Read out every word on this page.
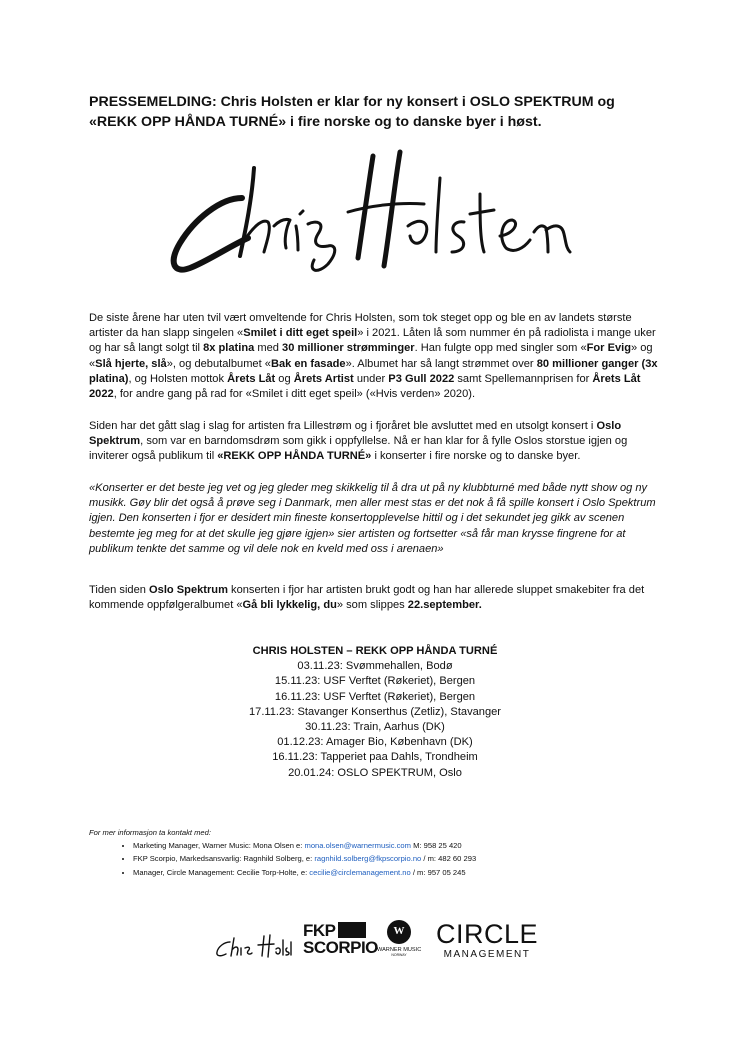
PRESSEMELDING: Chris Holsten er klar for ny konsert i OSLO SPEKTRUM og «REKK OPP HÅNDA TURNÉ» i fire norske og to danske byer i høst.

De siste årene har uten tvil vært omveltende for Chris Holsten, som tok steget opp og ble en av landets største artister da han slapp singelen «Smilet i ditt eget speil» i 2021. Låten lå som nummer én på radiolista i mange uker og har så langt solgt til 8x platina med 30 millioner strømminger. Han fulgte opp med singler som «For Evig» og «Slå hjerte, slå», og debutalbumet «Bak en fasade». Albumet har så langt strømmet over 80 millioner ganger (3x platina), og Holsten mottok Årets Låt og Årets Artist under P3 Gull 2022 samt Spellemannprisen for Årets Låt 2022, for andre gang på rad for «Smilet i ditt eget speil» («Hvis verden» 2020).

Siden har det gått slag i slag for artisten fra Lillestrøm og i fjoråret ble avsluttet med en utsolgt konsert i Oslo Spektrum, som var en barndomsdrøm som gikk i oppfyllelse. Nå er han klar for å fylle Oslos storstue igjen og inviterer også publikum til «REKK OPP HÅNDA TURNÉ» i konserter i fire norske og to danske byer.

«Konserter er det beste jeg vet og jeg gleder meg skikkelig til å dra ut på ny klubbturné med både nytt show og ny musikk. Gøy blir det også å prøve seg i Danmark, men aller mest stas er det nok å få spille konsert i Oslo Spektrum igjen. Den konserten i fjor er desidert min fineste konsertopplevelse hittil og i det sekundet jeg gikk av scenen bestemte jeg meg for at det skulle jeg gjøre igjen» sier artisten og fortsetter «så får man krysse fingrene for at publikum tenkte det samme og vil dele nok en kveld med oss i arenaen»

Tiden siden Oslo Spektrum konserten i fjor har artisten brukt godt og han har allerede sluppet smakebiter fra det kommende oppfølgeralbumet «Gå bli lykkelig, du» som slippes 22.september.

CHRIS HOLSTEN – REKK OPP HÅNDA TURNÉ
03.11.23: Svømmehallen, Bodø
15.11.23: USF Verftet (Røkeriet), Bergen
16.11.23: USF Verftet (Røkeriet), Bergen
17.11.23: Stavanger Konserthus (Zetliz), Stavanger
30.11.23: Train, Aarhus (DK)
01.12.23: Amager Bio, København (DK)
16.11.23: Tapperiet paa Dahls, Trondheim
20.01.24: OSLO SPEKTRUM, Oslo
For mer informasjon ta kontakt med:
• Marketing Manager, Warner Music: Mona Olsen e: mona.olsen@warnermusic.com M: 958 25 420
• FKP Scorpio, Markedsansvarlig: Ragnhild Solberg, e: ragnhild.solberg@fkpscorpio.no / m: 482 60 293
• Manager, Circle Management: Cecilie Torp-Holte, e: cecilie@circlemanagement.no / m: 957 05 245
FKP
SCORPIO
W
WARNER MUSIC
NORWAY
CIRCLE
MANAGEMENT
